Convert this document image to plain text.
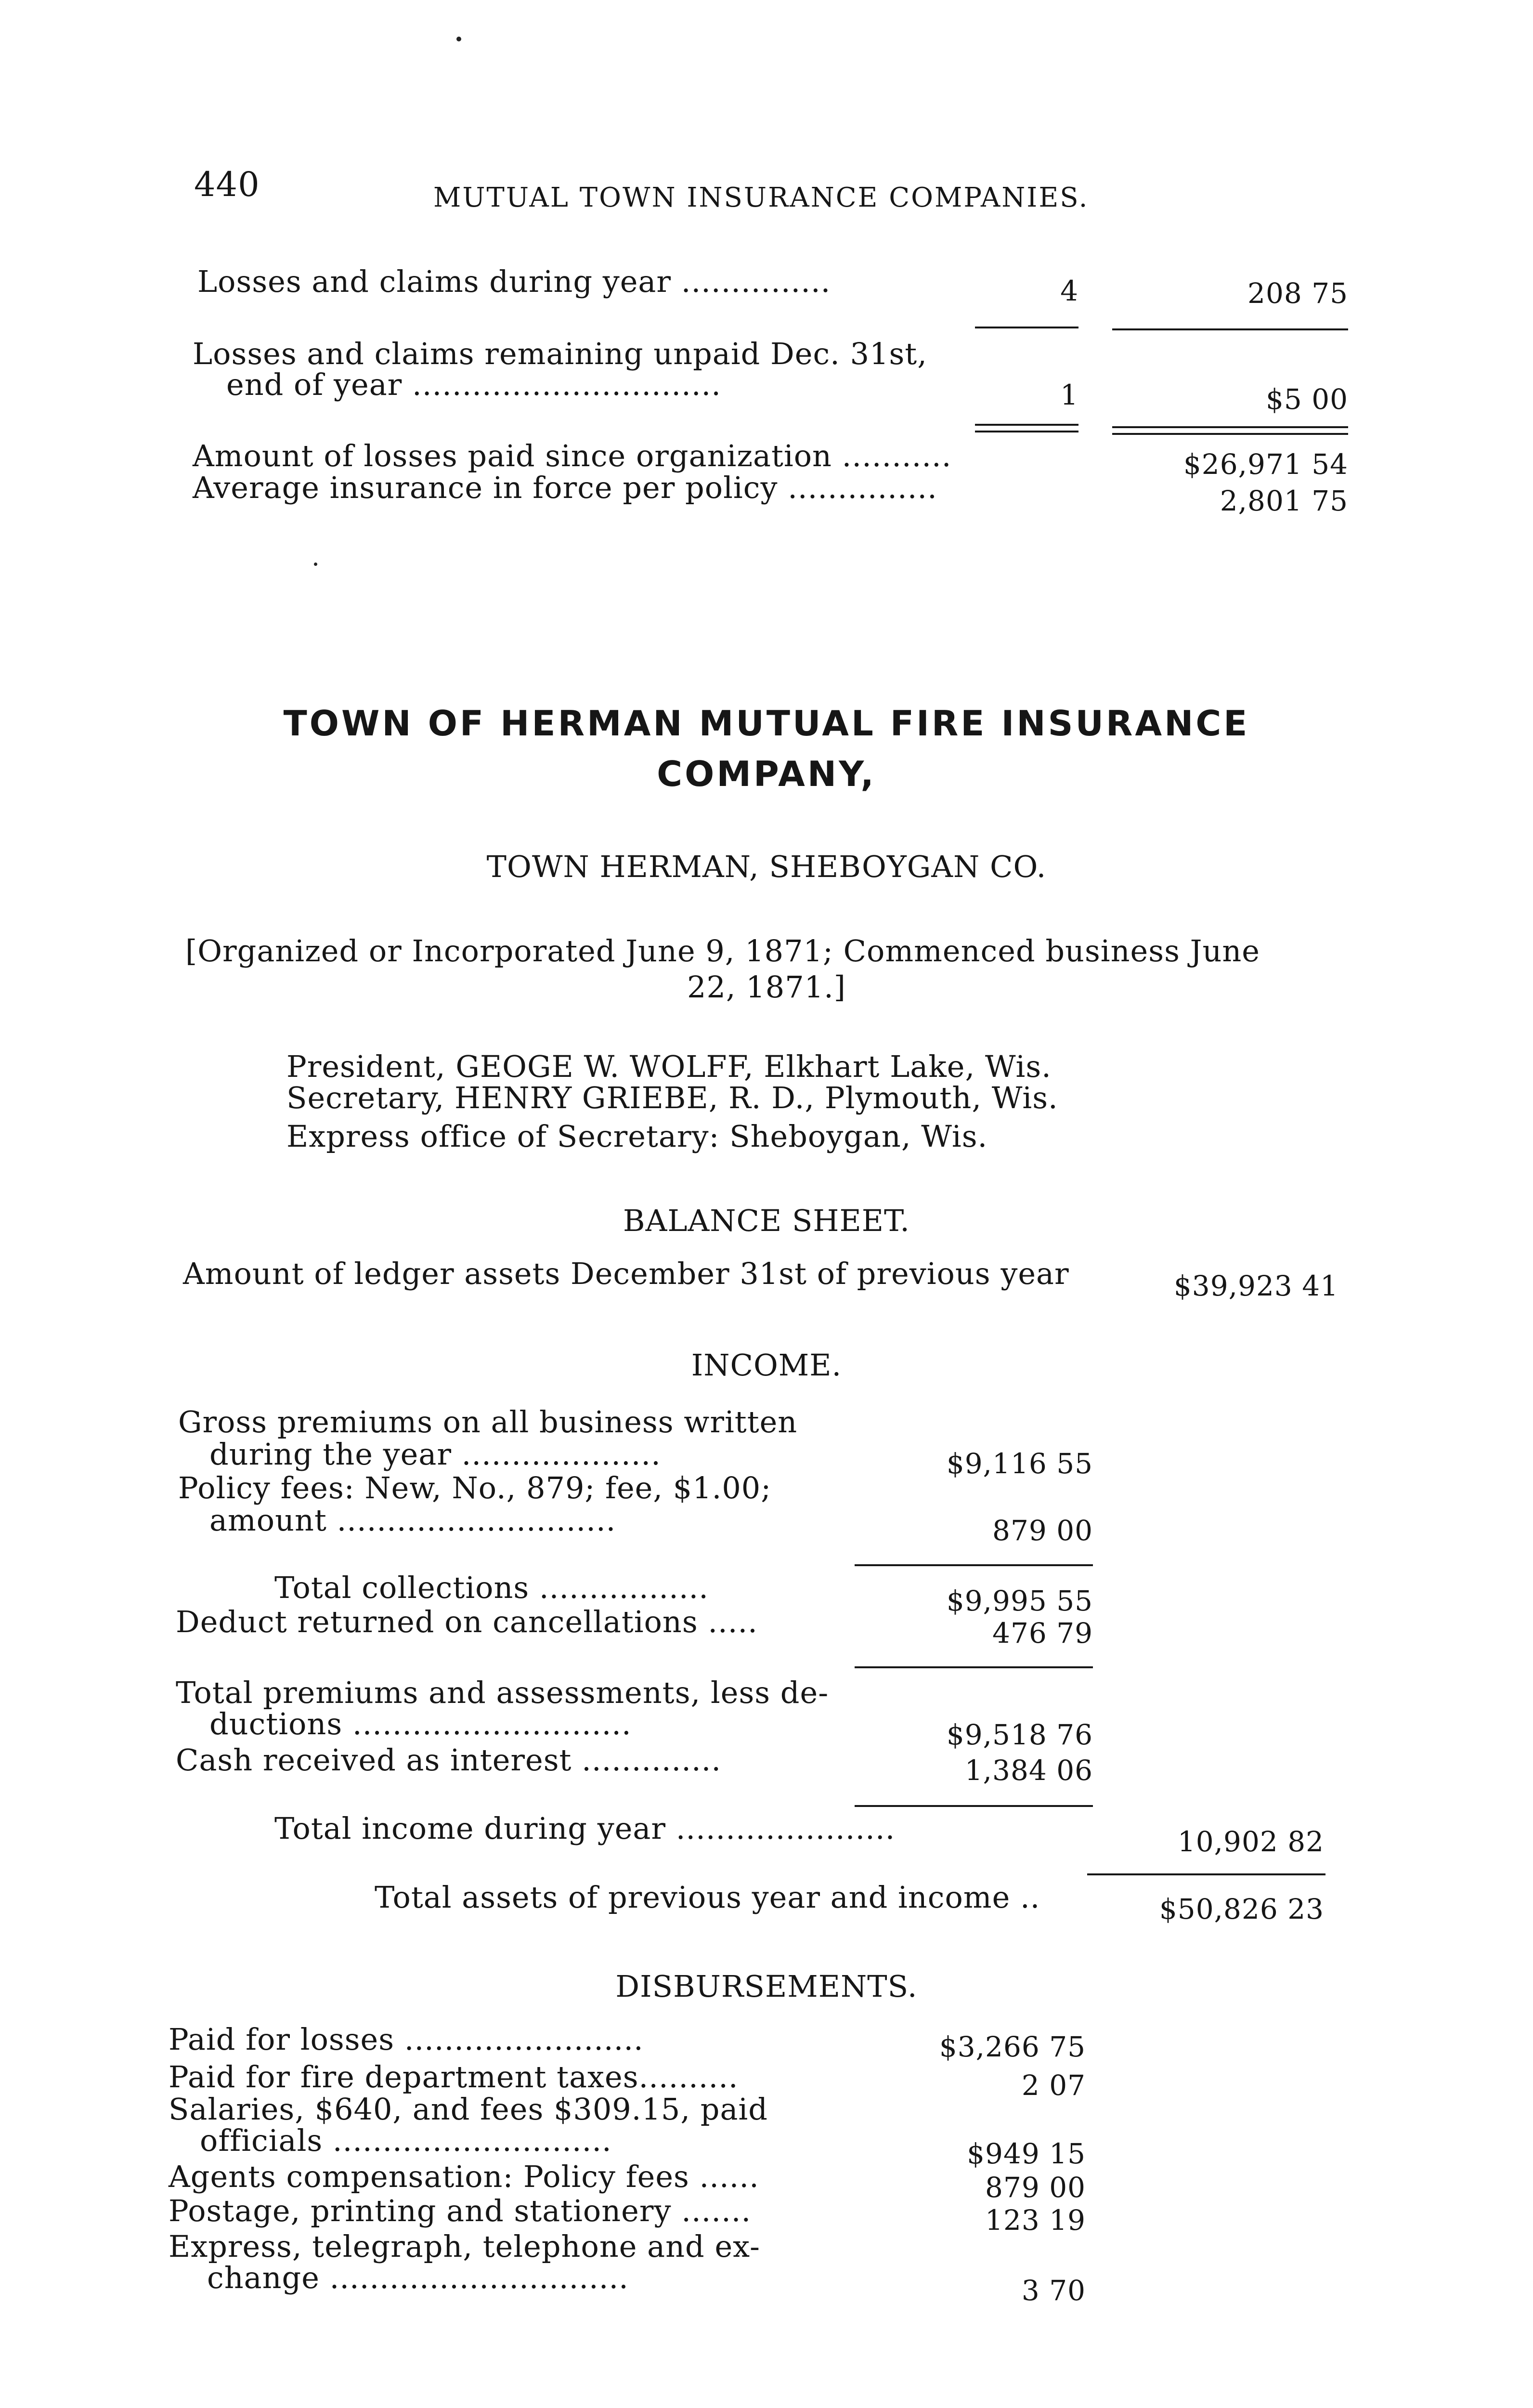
440	MUTUAL TOWN INSURANCE COMPANIES.
Losses and claims during year ...............	4	208 75
Losses and claims remaining unpaid Dec. 31st,
end of year ...............................	1	$5 00
Amount of losses paid since organization ...........	$26,971 54
Average insurance in force per policy ...............	2,801 75
TOWN OF HERMAN MUTUAL FIRE INSURANCE
COMPANY,
TOWN HERMAN, SHEBOYGAN CO.
[Organized or Incorporated June 9, 1871; Commenced business June
22, 1871.]
President, GEOGE W. WOLFF, Elkhart Lake, Wis.
Secretary, HENRY GRIEBE, R. D., Plymouth, Wis.
Express office of Secretary: Sheboygan, Wis.
BALANCE SHEET.
Amount of ledger assets December 31st of previous year	$39,923 41
INCOME.
Gross premiums on all business written
during the year ....................	$9,116 55
Policy fees: New, No., 879; fee, $1.00;
amount ............................	879 00
Total collections .................	$9,995 55
Deduct returned on cancellations .....	476 79
Total premiums and assessments, less de-
ductions ............................	$9,518 76
Cash received as interest ..............	1,384 06
Total income during year ......................	10,902 82
Total assets of previous year and income ..	$50,826 23
DISBURSEMENTS.
Paid for losses ........................	$3,266 75
Paid for fire department taxes..........	2 07
Salaries, $640, and fees $309.15, paid
officials ............................	$949 15
Agents compensation: Policy fees ......	879 00
Postage, printing and stationery .......	123 19
Express, telegraph, telephone and ex-
change ..............................	3 70
